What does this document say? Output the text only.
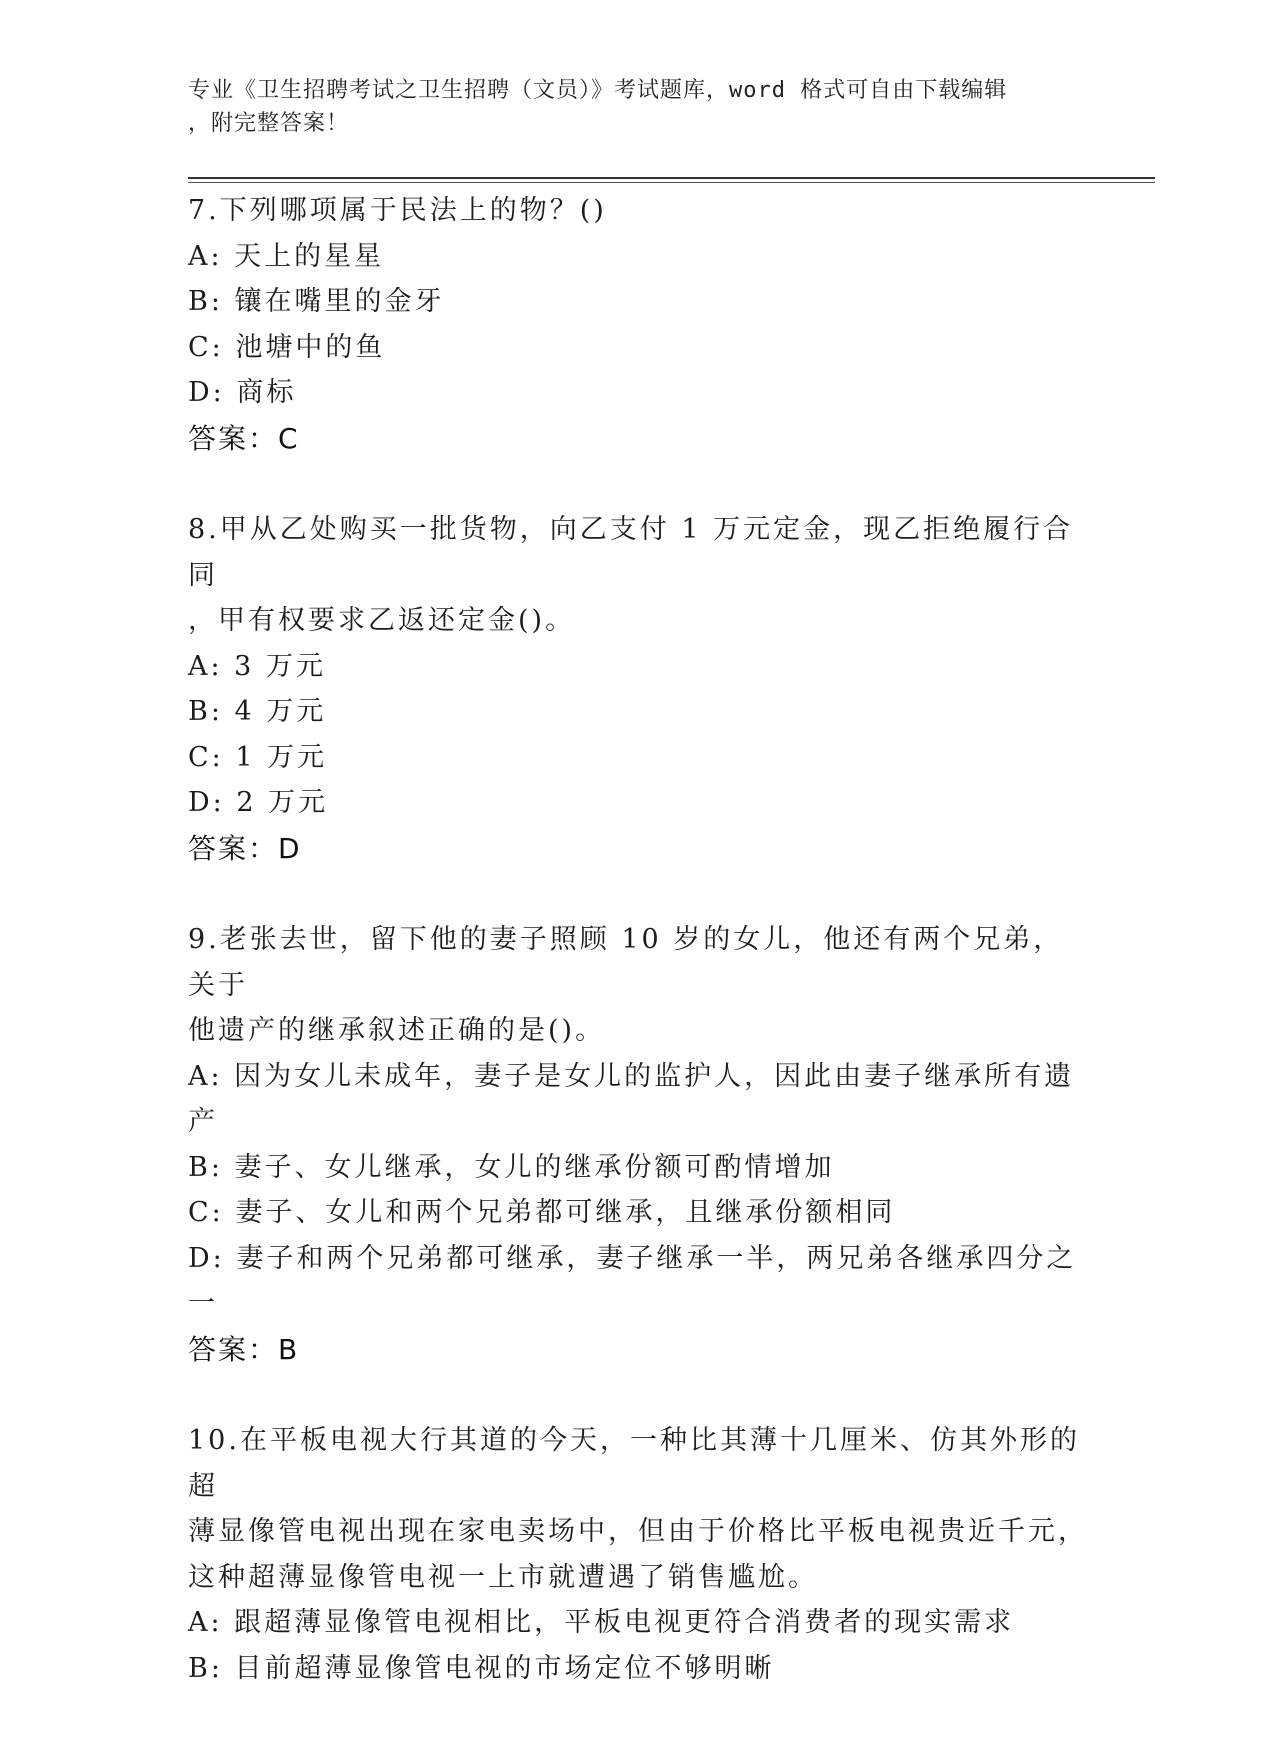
专业《卫生招聘考试之卫生招聘（文员）》考试题库，word 格式可自由下载编辑
，附完整答案！
7.下列哪项属于民法上的物？()
A: 天上的星星
B: 镶在嘴里的金牙
C: 池塘中的鱼
D: 商标
答案：C
8.甲从乙处购买一批货物，向乙支付 1 万元定金，现乙拒绝履行合同
，甲有权要求乙返还定金()。
A: 3 万元
B: 4 万元
C: 1 万元
D: 2 万元
答案：D
9.老张去世，留下他的妻子照顾 10 岁的女儿，他还有两个兄弟，关于
他遗产的继承叙述正确的是()。
A: 因为女儿未成年，妻子是女儿的监护人，因此由妻子继承所有遗产
B: 妻子、女儿继承，女儿的继承份额可酌情增加
C: 妻子、女儿和两个兄弟都可继承，且继承份额相同
D: 妻子和两个兄弟都可继承，妻子继承一半，两兄弟各继承四分之一
答案：B
10.在平板电视大行其道的今天，一种比其薄十几厘米、仿其外形的超
薄显像管电视出现在家电卖场中，但由于价格比平板电视贵近千元，
这种超薄显像管电视一上市就遭遇了销售尴尬。
A: 跟超薄显像管电视相比，平板电视更符合消费者的现实需求
B: 目前超薄显像管电视的市场定位不够明晰
